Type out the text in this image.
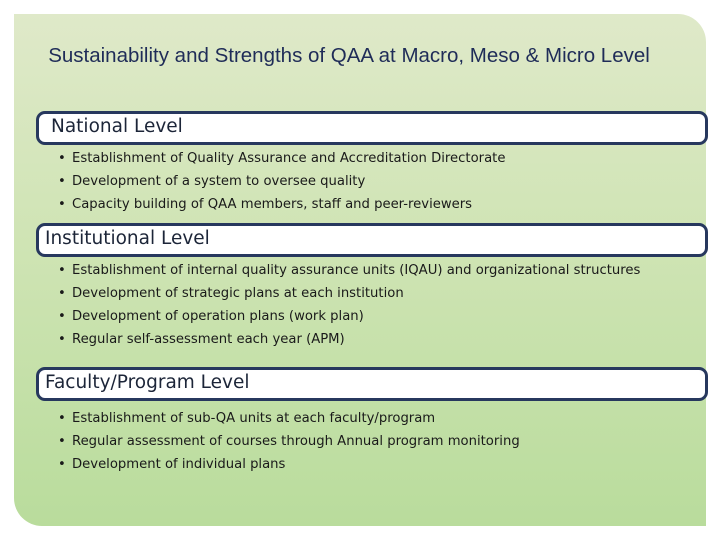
Sustainability and Strengths of QAA at Macro, Meso & Micro Level
National Level
• Establishment of Quality Assurance and Accreditation Directorate
• Development of a system to oversee quality
• Capacity building of QAA members, staff and peer-reviewers
Institutional Level
• Establishment of internal quality assurance units (IQAU) and organizational structures
• Development of strategic plans at each institution
• Development of operation plans (work plan)
• Regular self-assessment each year (APM)
Faculty/Program Level
• Establishment of sub-QA units at each faculty/program
• Regular assessment of courses through Annual program monitoring
• Development of individual plans
